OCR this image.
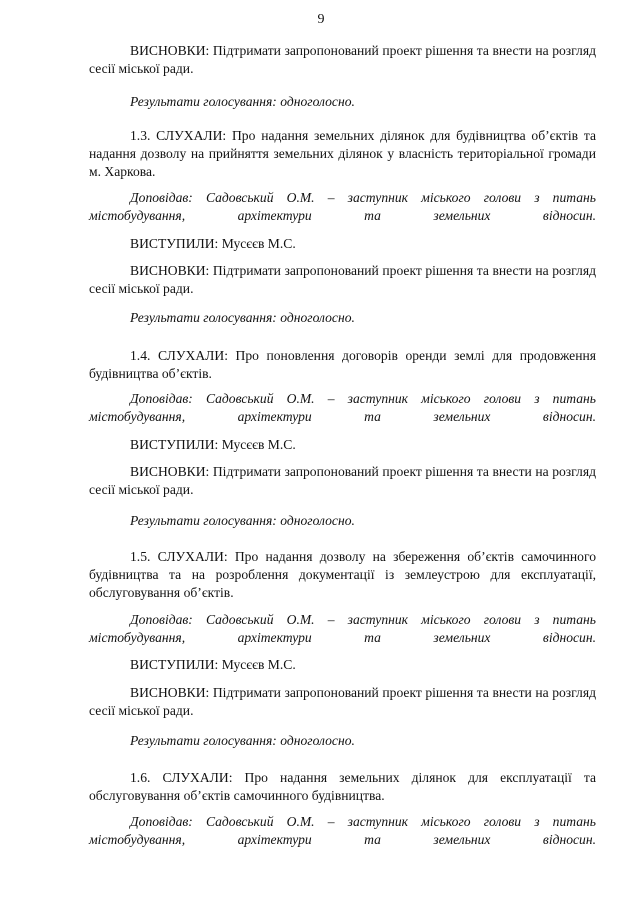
9

ВИСНОВКИ: Підтримати запропонований проект рішення та внести на розгляд сесії міської ради.

Результати голосування: одноголосно.

1.3. СЛУХАЛИ: Про надання земельних ділянок для будівництва об’єктів та надання дозволу на прийняття земельних ділянок у власність територіальної громади м. Харкова.

Доповідав: Садовський О.М. – заступник міського голови з питань містобудування, архітектури та земельних відносин.

ВИСТУПИЛИ: Мусєєв М.С.

ВИСНОВКИ: Підтримати запропонований проект рішення та внести на розгляд сесії міської ради.

Результати голосування: одноголосно.

1.4. СЛУХАЛИ: Про поновлення договорів оренди землі для продовження будівництва об’єктів.

Доповідав: Садовський О.М. – заступник міського голови з питань містобудування, архітектури та земельних відносин.

ВИСТУПИЛИ: Мусєєв М.С.

ВИСНОВКИ: Підтримати запропонований проект рішення та внести на розгляд сесії міської ради.

Результати голосування: одноголосно.

1.5. СЛУХАЛИ: Про надання дозволу на збереження об’єктів самочинного будівництва та на розроблення документації із землеустрою для експлуатації, обслуговування об’єктів.

Доповідав: Садовський О.М. – заступник міського голови з питань містобудування, архітектури та земельних відносин.

ВИСТУПИЛИ: Мусєєв М.С.

ВИСНОВКИ: Підтримати запропонований проект рішення та внести на розгляд сесії міської ради.

Результати голосування: одноголосно.

1.6. СЛУХАЛИ: Про надання земельних ділянок для експлуатації та обслуговування об’єктів самочинного будівництва.

Доповідав: Садовський О.М. – заступник міського голови з питань містобудування, архітектури та земельних відносин.
